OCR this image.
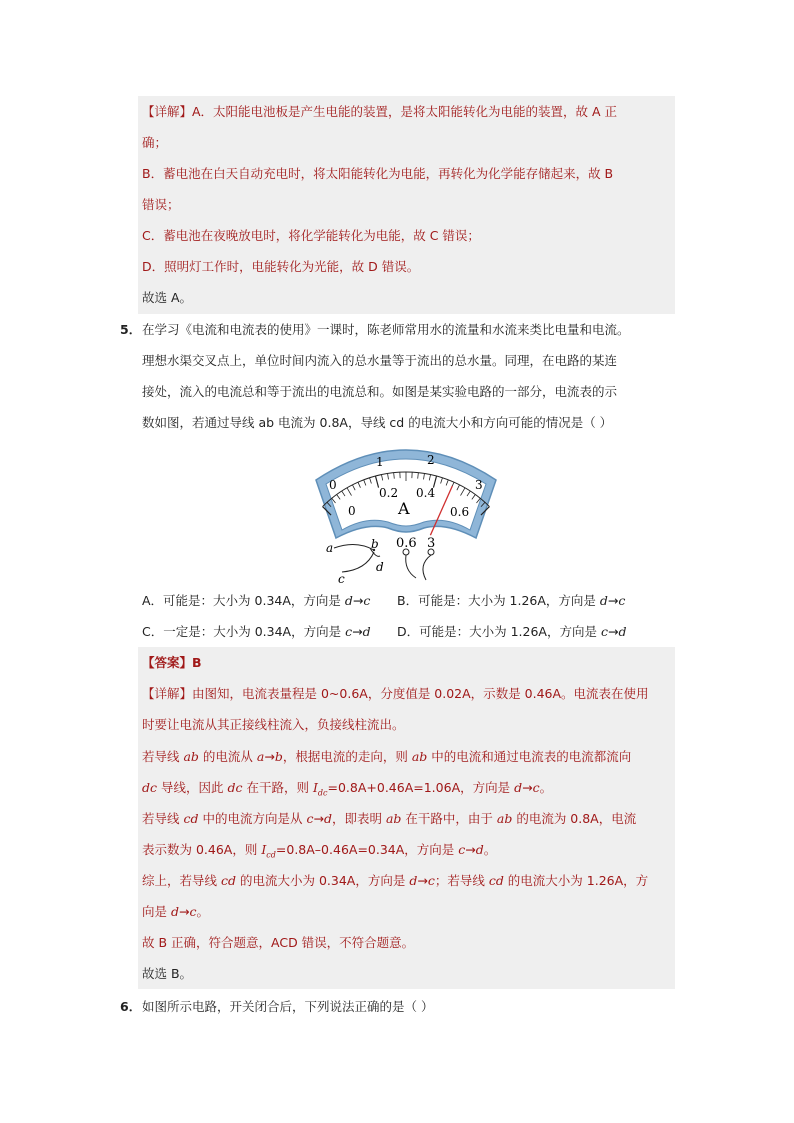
【详解】A．太阳能电池板是产生电能的装置，是将太阳能转化为电能的装置，故 A 正
确；
B．蓄电池在白天自动充电时，将太阳能转化为电能，再转化为化学能存储起来，故 B
错误；
C．蓄电池在夜晚放电时，将化学能转化为电能，故 C 错误；
D．照明灯工作时，电能转化为光能，故 D 错误。
故选 A。
5． 在学习《电流和电流表的使用》一课时，陈老师常用水的流量和水流来类比电量和电流。
理想水渠交叉点上，单位时间内流入的总水量等于流出的总水量。同理，在电路的某连
接处，流入的电流总和等于流出的电流总和。如图是某实验电路的一部分，电流表的示
数如图，若通过导线 ab 电流为 0.8A，导线 cd 的电流大小和方向可能的情况是（ ）
0
1	2
3
0
0.2 0.4
0.6
A
0.6 3
a	b
c
d
A．可能是：大小为 0.34A，方向是 d→c B．可能是：大小为 1.26A，方向是 d→c
C．一定是：大小为 0.34A，方向是 c→d D．可能是：大小为 1.26A，方向是 c→d
【答案】B
【详解】由图知，电流表量程是 0~0.6A，分度值是 0.02A，示数是 0.46A。电流表在使用
时要让电流从其正接线柱流入，负接线柱流出。
若导线 ab 的电流从 a→b，根据电流的走向，则 ab 中的电流和通过电流表的电流都流向
dc 导线，因此 dc 在干路，则 $I_{dc}=0.8A+0.46A=1.06A$，方向是 d→c。
若导线 cd 中的电流方向是从 c→d，即表明 ab 在干路中，由于 ab 的电流为 0.8A，电流
表示数为 0.46A，则 $I_{cd}=0.8A-0.46A=0.34A$，方向是 c→d。
综上，若导线 cd 的电流大小为 0.34A，方向是 d→c；若导线 cd 的电流大小为 1.26A，方
向是 d→c。
故 B 正确，符合题意，ACD 错误，不符合题意。
故选 B。
6． 如图所示电路，开关闭合后，下列说法正确的是（ ）
